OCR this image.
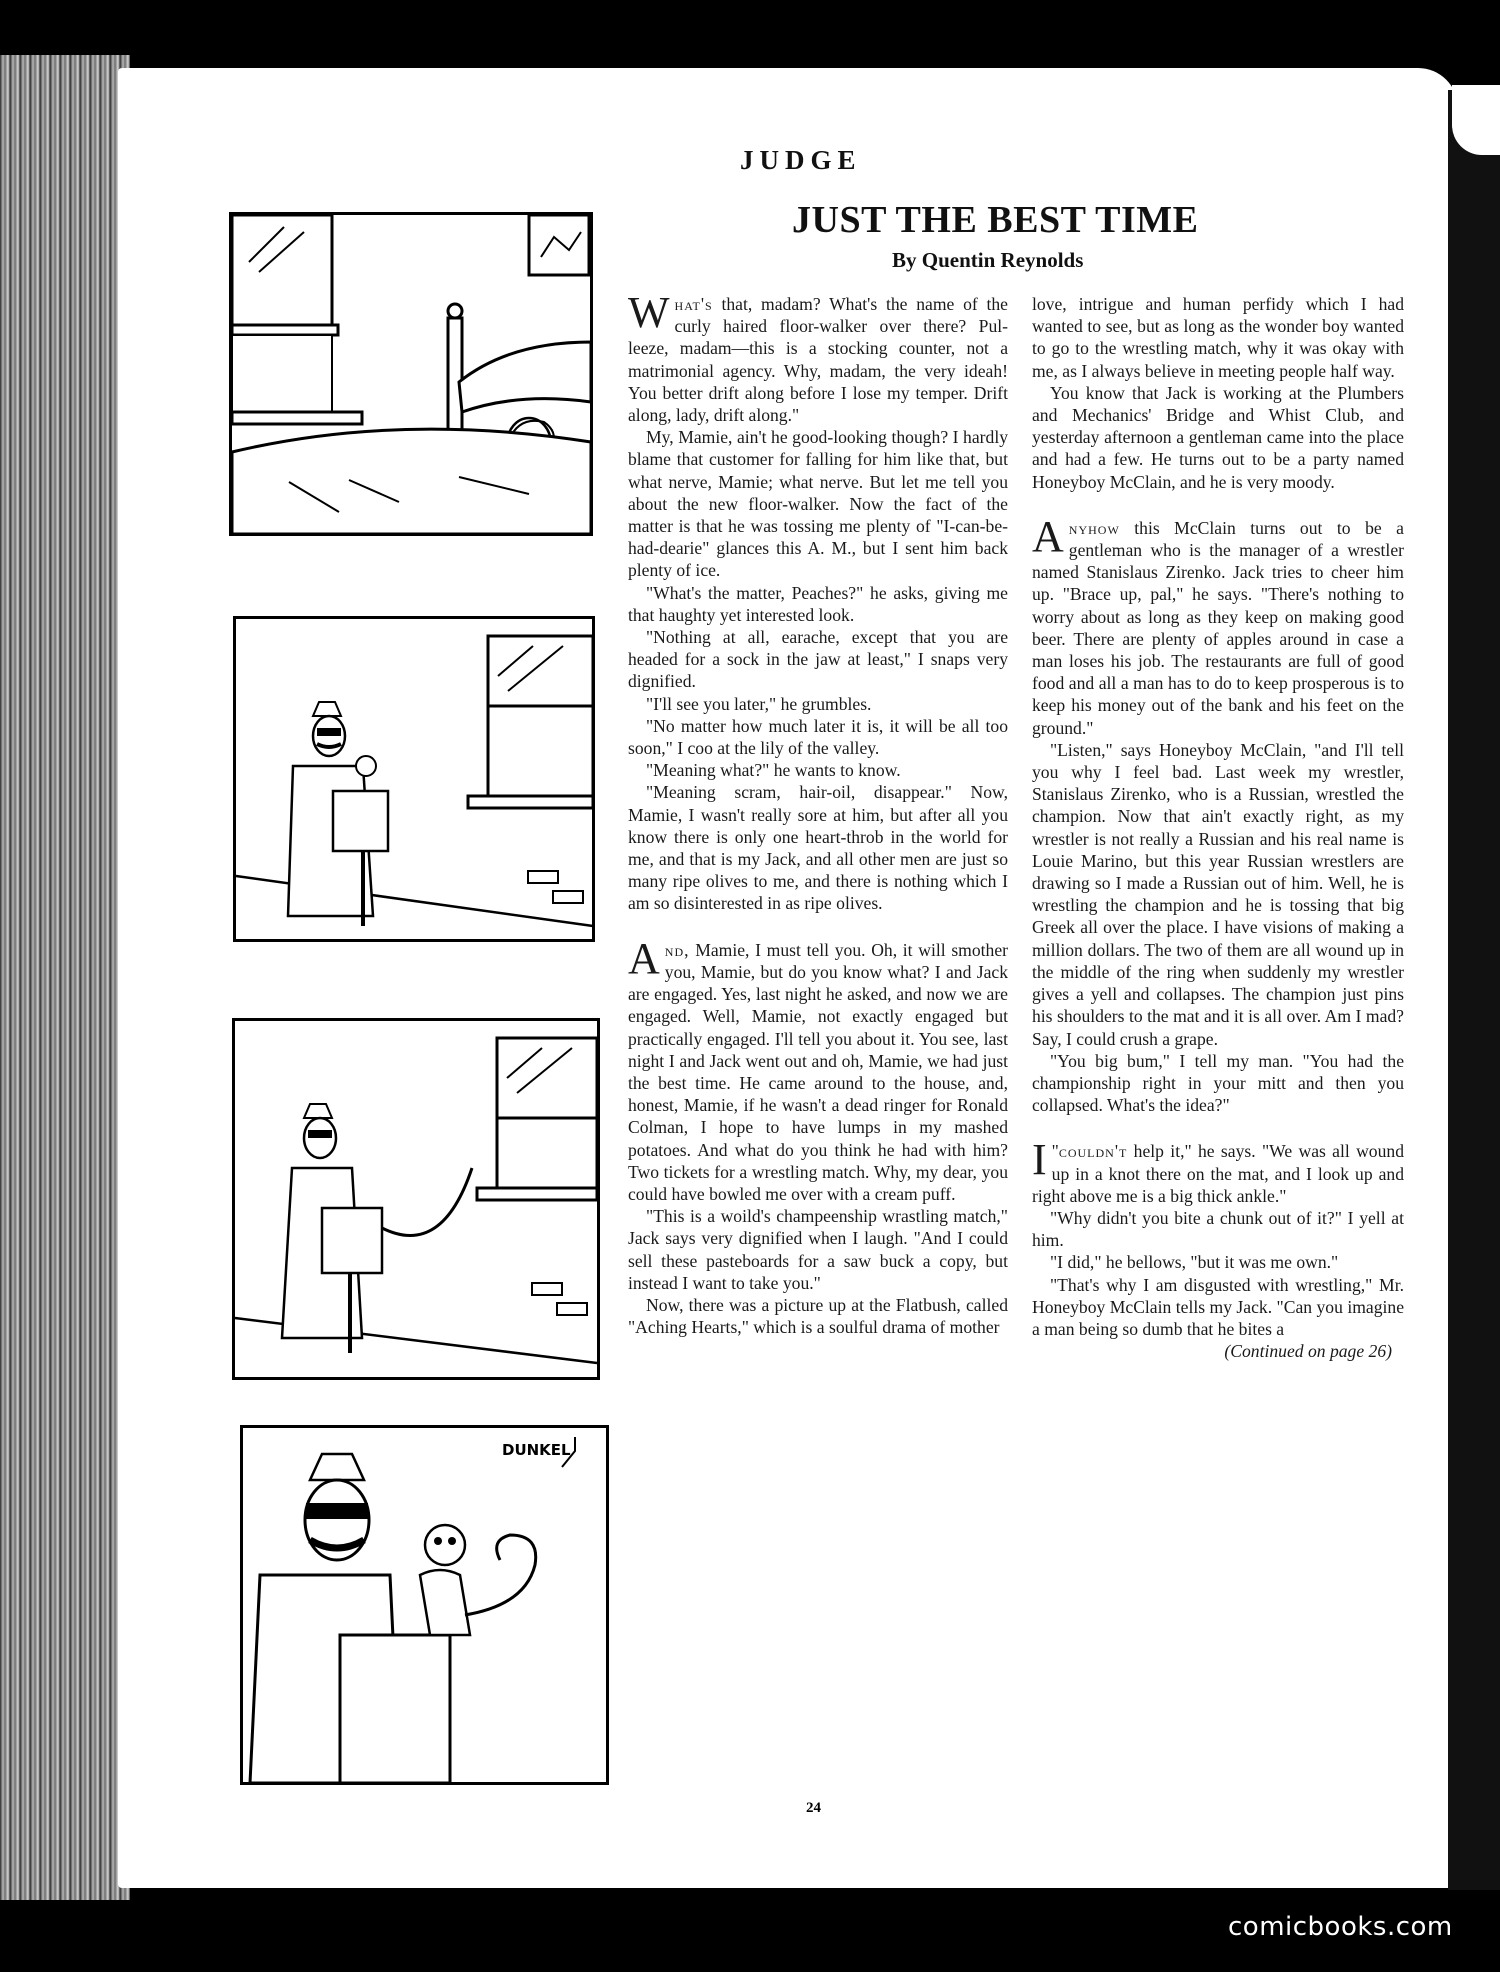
JUDGE
JUST THE BEST TIME
By Quentin Reynolds
DUNKEL

What's that, madam? What's the name of the curly haired floor-walker over there? Pul-leeze, madam—this is a stocking counter, not a matrimonial agency. Why, madam, the very ideah! You better drift along before I lose my temper. Drift along, lady, drift along."

My, Mamie, ain't he good-looking though? I hardly blame that customer for falling for him like that, but what nerve, Mamie; what nerve. But let me tell you about the new floor-walker. Now the fact of the matter is that he was tossing me plenty of "I-can-be-had-dearie" glances this A. M., but I sent him back plenty of ice.

"What's the matter, Peaches?" he asks, giving me that haughty yet interested look.

"Nothing at all, earache, except that you are headed for a sock in the jaw at least," I snaps very dignified.

"I'll see you later," he grumbles.

"No matter how much later it is, it will be all too soon," I coo at the lily of the valley.

"Meaning what?" he wants to know.

"Meaning scram, hair-oil, disappear." Now, Mamie, I wasn't really sore at him, but after all you know there is only one heart-throb in the world for me, and that is my Jack, and all other men are just so many ripe olives to me, and there is nothing which I am so disinterested in as ripe olives.

And, Mamie, I must tell you. Oh, it will smother you, Mamie, but do you know what? I and Jack are engaged. Yes, last night he asked, and now we are engaged. Well, Mamie, not exactly engaged but practically engaged. I'll tell you about it. You see, last night I and Jack went out and oh, Mamie, we had just the best time. He came around to the house, and, honest, Mamie, if he wasn't a dead ringer for Ronald Colman, I hope to have lumps in my mashed potatoes. And what do you think he had with him? Two tickets for a wrestling match. Why, my dear, you could have bowled me over with a cream puff.

"This is a woild's champeenship wrastling match," Jack says very dignified when I laugh. "And I could sell these pasteboards for a saw buck a copy, but instead I want to take you."

Now, there was a picture up at the Flatbush, called "Aching Hearts," which is a soulful drama of mother

love, intrigue and human perfidy which I had wanted to see, but as long as the wonder boy wanted to go to the wrestling match, why it was okay with me, as I always believe in meeting people half way.

You know that Jack is working at the Plumbers and Mechanics' Bridge and Whist Club, and yesterday afternoon a gentleman came into the place and had a few. He turns out to be a party named Honeyboy McClain, and he is very moody.

Anyhow this McClain turns out to be a gentleman who is the manager of a wrestler named Stanislaus Zirenko. Jack tries to cheer him up. "Brace up, pal," he says. "There's nothing to worry about as long as they keep on making good beer. There are plenty of apples around in case a man loses his job. The restaurants are full of good food and all a man has to do to keep prosperous is to keep his money out of the bank and his feet on the ground."

"Listen," says Honeyboy McClain, "and I'll tell you why I feel bad. Last week my wrestler, Stanislaus Zirenko, who is a Russian, wrestled the champion. Now that ain't exactly right, as my wrestler is not really a Russian and his real name is Louie Marino, but this year Russian wrestlers are drawing so I made a Russian out of him. Well, he is wrestling the champion and he is tossing that big Greek all over the place. I have visions of making a million dollars. The two of them are all wound up in the middle of the ring when suddenly my wrestler gives a yell and collapses. The champion just pins his shoulders to the mat and it is all over. Am I mad? Say, I could crush a grape.

"You big bum," I tell my man. "You had the championship right in your mitt and then you collapsed. What's the idea?"

"
I couldn't help it," he says. "We was all wound up in a knot there on the mat, and I look up and right above me is a big thick ankle."

"Why didn't you bite a chunk out of it?" I yell at him.

"I did," he bellows, "but it was me own."

"That's why I am disgusted with wrestling," Mr. Honeyboy McClain tells my Jack. "Can you imagine a man being so dumb that he bites a

(Continued on page 26)

24
comicbooks.com
